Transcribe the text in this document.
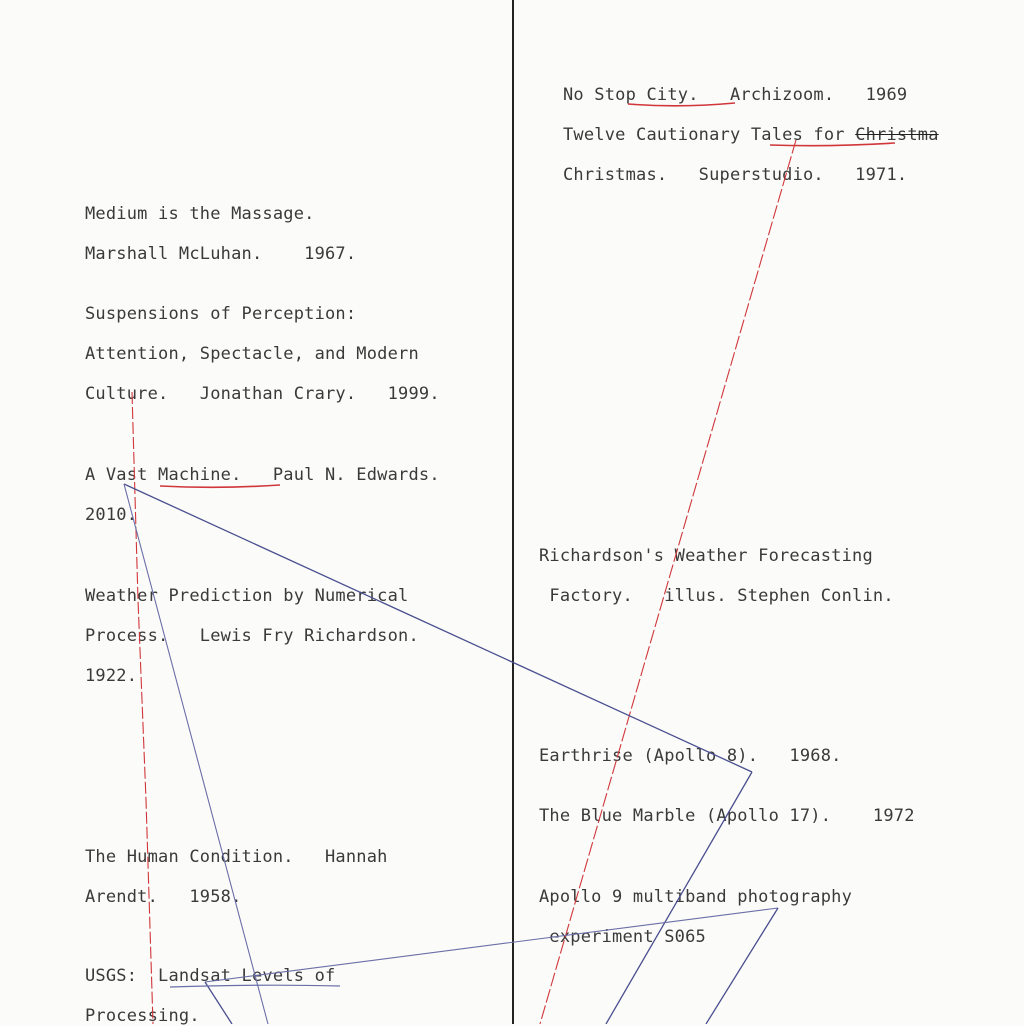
Medium is the Massage.
Marshall McLuhan.    1967.
Suspensions of Perception:
Attention, Spectacle, and Modern
Culture.   Jonathan Crary.   1999.
A Vast Machine.   Paul N. Edwards.
2010.
Weather Prediction by Numerical
Process.   Lewis Fry Richardson.
1922.
The Human Condition.   Hannah
Arendt.   1958.
USGS:  Landsat Levels of
Processing.
No Stop City.   Archizoom.   1969
Twelve Cautionary Tales for Christma
Christmas.   Superstudio.   1971.
Richardson's Weather Forecasting
Factory.   illus. Stephen Conlin.
Earthrise (Apollo 8).   1968.
The Blue Marble (Apollo 17).    1972
Apollo 9 multiband photography
experiment S065
